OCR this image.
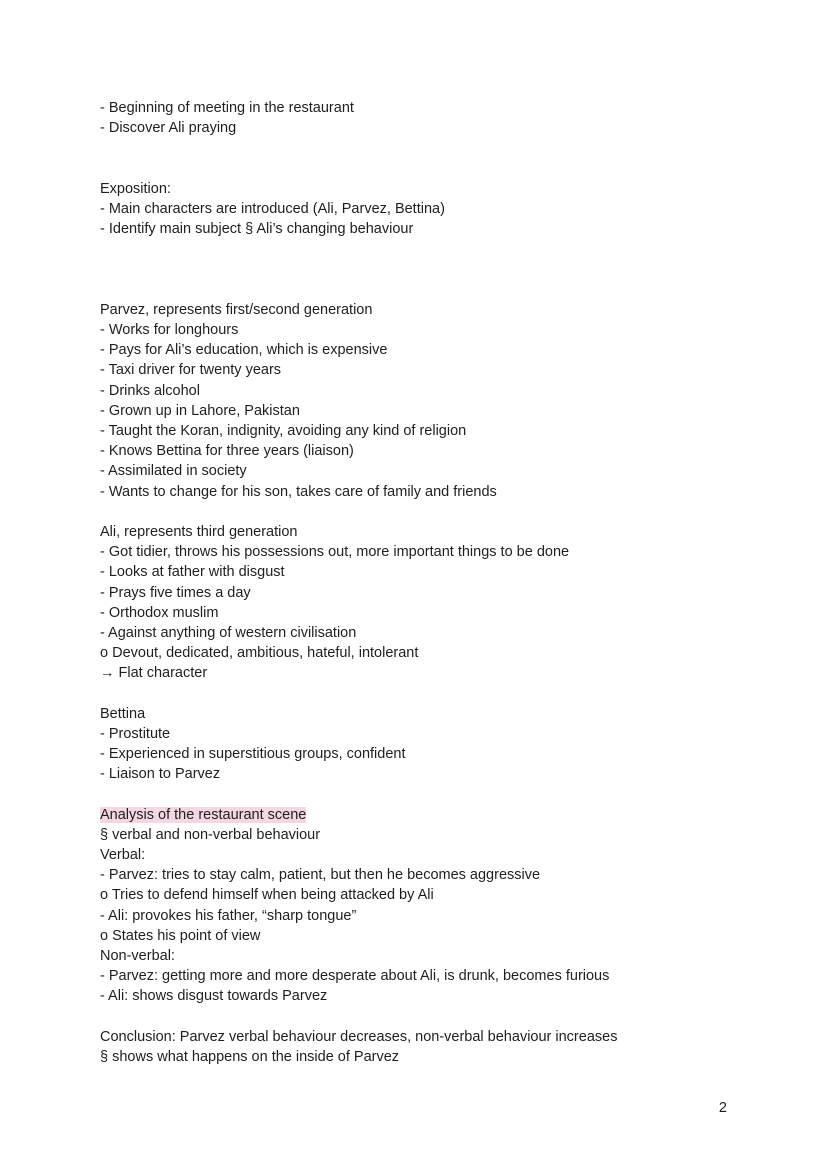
- Beginning of meeting in the restaurant
- Discover Ali praying
Exposition:
- Main characters are introduced (Ali, Parvez, Bettina)
- Identify main subject § Ali’s changing behaviour
Parvez, represents first/second generation
- Works for longhours
- Pays for Ali’s education, which is expensive
- Taxi driver for twenty years
- Drinks alcohol
- Grown up in Lahore, Pakistan
- Taught the Koran, indignity, avoiding any kind of religion
- Knows Bettina for three years (liaison)
- Assimilated in society
- Wants to change for his son, takes care of family and friends
Ali, represents third generation
- Got tidier, throws his possessions out, more important things to be done
- Looks at father with disgust
- Prays five times a day
- Orthodox muslim
- Against anything of western civilisation
o Devout, dedicated, ambitious, hateful, intolerant
→ Flat character
Bettina
- Prostitute
- Experienced in superstitious groups, confident
- Liaison to Parvez
Analysis of the restaurant scene
§ verbal and non-verbal behaviour
Verbal:
- Parvez: tries to stay calm, patient, but then he becomes aggressive
o Tries to defend himself when being attacked by Ali
- Ali: provokes his father, “sharp tongue”
o States his point of view
Non-verbal:
- Parvez: getting more and more desperate about Ali, is drunk, becomes furious
- Ali: shows disgust towards Parvez
Conclusion: Parvez verbal behaviour decreases, non-verbal behaviour increases
§ shows what happens on the inside of Parvez
2
